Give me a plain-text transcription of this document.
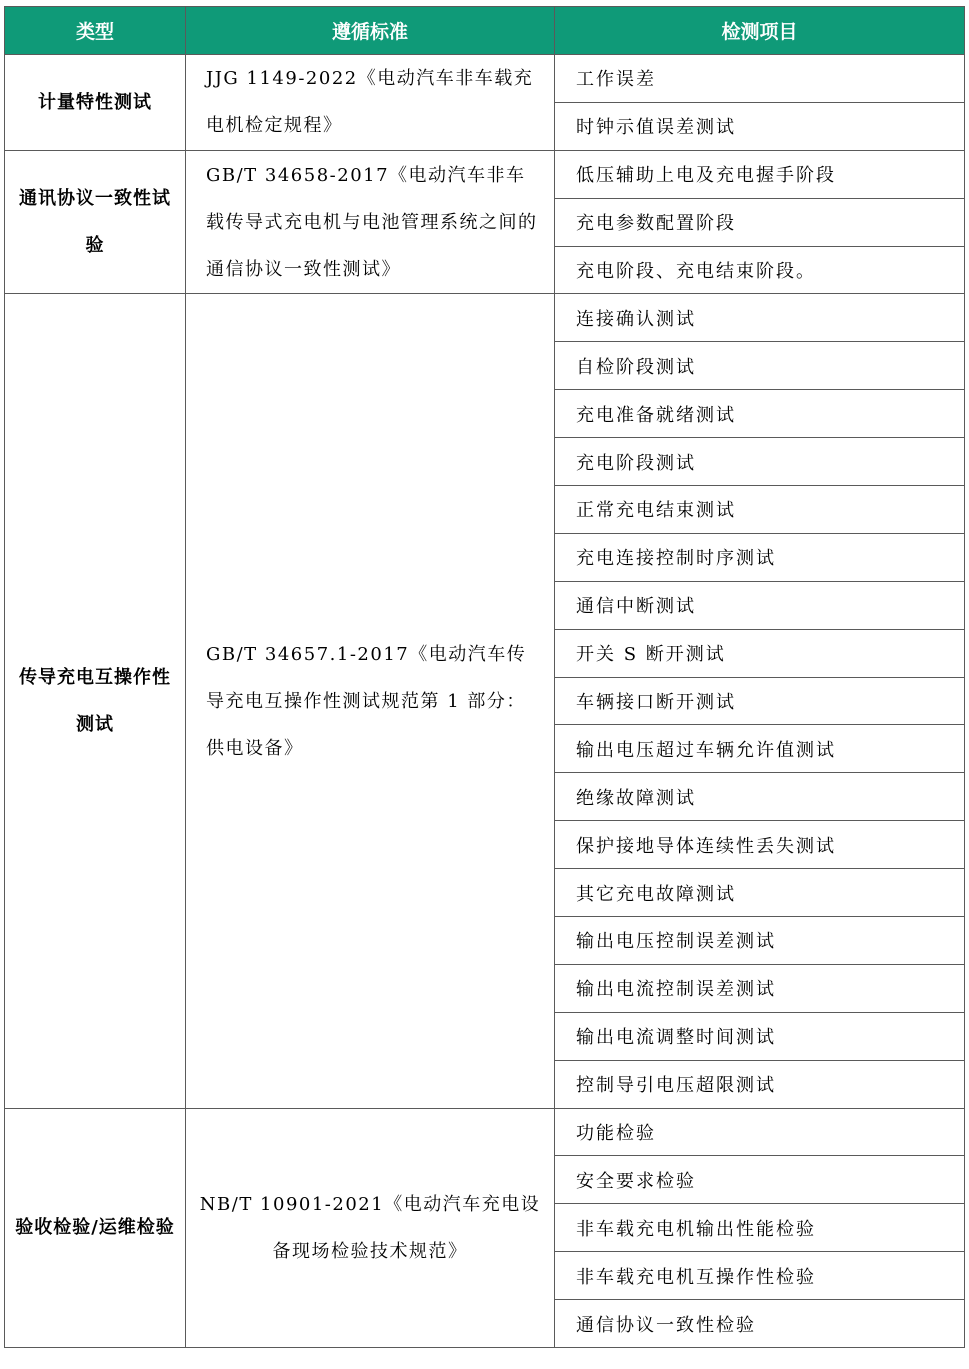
类型	遵循标准	检测项目
计量特性测试	JJG 1149-2022《电动汽车非车载充电机检定规程》	工作误差
		时钟示值误差测试
通讯协议一致性试验	GB/T 34658-2017《电动汽车非车载传导式充电机与电池管理系统之间的通信协议一致性测试》	低压辅助上电及充电握手阶段
		充电参数配置阶段
		充电阶段、充电结束阶段。
传导充电互操作性测试	GB/T 34657.1-2017《电动汽车传导充电互操作性测试规范第 1 部分：供电设备》	连接确认测试
		自检阶段测试
		充电准备就绪测试
		充电阶段测试
		正常充电结束测试
		充电连接控制时序测试
		通信中断测试
		开关 S 断开测试
		车辆接口断开测试
		输出电压超过车辆允许值测试
		绝缘故障测试
		保护接地导体连续性丢失测试
		其它充电故障测试
		输出电压控制误差测试
		输出电流控制误差测试
		输出电流调整时间测试
		控制导引电压超限测试
验收检验/运维检验	NB/T 10901-2021《电动汽车充电设备现场检验技术规范》	功能检验
		安全要求检验
		非车载充电机输出性能检验
		非车载充电机互操作性检验
		通信协议一致性检验
